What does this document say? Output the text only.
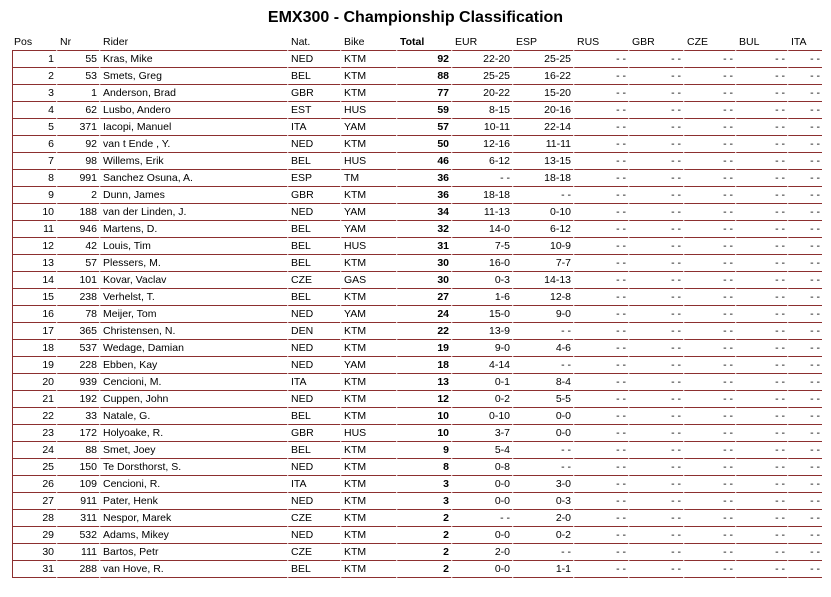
EMX300 - Championship Classification
Pos	Nr	Rider	Nat.	Bike	Total	EUR	ESP	RUS	GBR	CZE	BUL	ITA
1	55	Kras, Mike	NED	KTM	92	22-20	25-25	- -	- -	- -	- -	- -
2	53	Smets, Greg	BEL	KTM	88	25-25	16-22	- -	- -	- -	- -	- -
3	1	Anderson, Brad	GBR	KTM	77	20-22	15-20	- -	- -	- -	- -	- -
4	62	Lusbo, Andero	EST	HUS	59	8-15	20-16	- -	- -	- -	- -	- -
5	371	Iacopi, Manuel	ITA	YAM	57	10-11	22-14	- -	- -	- -	- -	- -
6	92	van t Ende , Y.	NED	KTM	50	12-16	11-11	- -	- -	- -	- -	- -
7	98	Willems, Erik	BEL	HUS	46	6-12	13-15	- -	- -	- -	- -	- -
8	991	Sanchez Osuna, A.	ESP	TM	36	- -	18-18	- -	- -	- -	- -	- -
9	2	Dunn, James	GBR	KTM	36	18-18	- -	- -	- -	- -	- -	- -
10	188	van der Linden, J.	NED	YAM	34	11-13	0-10	- -	- -	- -	- -	- -
11	946	Martens, D.	BEL	YAM	32	14-0	6-12	- -	- -	- -	- -	- -
12	42	Louis, Tim	BEL	HUS	31	7-5	10-9	- -	- -	- -	- -	- -
13	57	Plessers, M.	BEL	KTM	30	16-0	7-7	- -	- -	- -	- -	- -
14	101	Kovar, Vaclav	CZE	GAS	30	0-3	14-13	- -	- -	- -	- -	- -
15	238	Verhelst, T.	BEL	KTM	27	1-6	12-8	- -	- -	- -	- -	- -
16	78	Meijer, Tom	NED	YAM	24	15-0	9-0	- -	- -	- -	- -	- -
17	365	Christensen, N.	DEN	KTM	22	13-9	- -	- -	- -	- -	- -	- -
18	537	Wedage, Damian	NED	KTM	19	9-0	4-6	- -	- -	- -	- -	- -
19	228	Ebben, Kay	NED	YAM	18	4-14	- -	- -	- -	- -	- -	- -
20	939	Cencioni, M.	ITA	KTM	13	0-1	8-4	- -	- -	- -	- -	- -
21	192	Cuppen, John	NED	KTM	12	0-2	5-5	- -	- -	- -	- -	- -
22	33	Natale, G.	BEL	KTM	10	0-10	0-0	- -	- -	- -	- -	- -
23	172	Holyoake, R.	GBR	HUS	10	3-7	0-0	- -	- -	- -	- -	- -
24	88	Smet, Joey	BEL	KTM	9	5-4	- -	- -	- -	- -	- -	- -
25	150	Te Dorsthorst, S.	NED	KTM	8	0-8	- -	- -	- -	- -	- -	- -
26	109	Cencioni, R.	ITA	KTM	3	0-0	3-0	- -	- -	- -	- -	- -
27	911	Pater, Henk	NED	KTM	3	0-0	0-3	- -	- -	- -	- -	- -
28	311	Nespor, Marek	CZE	KTM	2	- -	2-0	- -	- -	- -	- -	- -
29	532	Adams, Mikey	NED	KTM	2	0-0	0-2	- -	- -	- -	- -	- -
30	111	Bartos, Petr	CZE	KTM	2	2-0	- -	- -	- -	- -	- -	- -
31	288	van Hove, R.	BEL	KTM	2	0-0	1-1	- -	- -	- -	- -	- -
